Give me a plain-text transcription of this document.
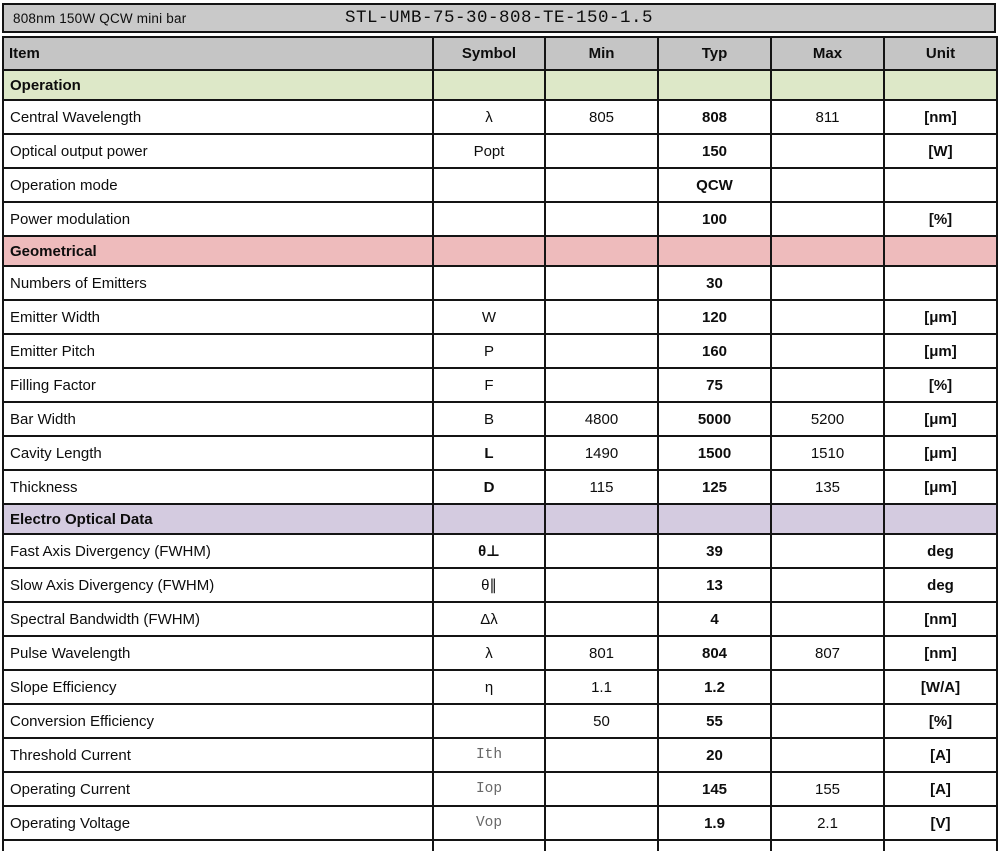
808nm 150W QCW mini bar	STL-UMB-75-30-808-TE-150-1.5
Item	Symbol	Min	Typ	Max	Unit
Operation					
Central Wavelength	λ	805	808	811	[nm]
Optical output power	Popt		150		[W]
Operation mode			QCW		
Power modulation			100		[%]
Geometrical					
Numbers of Emitters			30		
Emitter Width	W		120		[μm]
Emitter Pitch	P		160		[μm]
Filling Factor	F		75		[%]
Bar Width	B	4800	5000	5200	[μm]
Cavity Length	L	1490	1500	1510	[μm]
Thickness	D	115	125	135	[μm]
Electro Optical Data					
Fast Axis Divergency (FWHM)	θ⊥		39		deg
Slow Axis Divergency (FWHM)	θ∥		13		deg
Spectral Bandwidth (FWHM)	Δλ		4		[nm]
Pulse Wavelength	λ	801	804	807	[nm]
Slope Efficiency	η	1.1	1.2		[W/A]
Conversion Efficiency		50	55		[%]
Threshold Current	Ith		20		[A]
Operating Current	Iop		145	155	[A]
Operating Voltage	Vop		1.9	2.1	[V]
